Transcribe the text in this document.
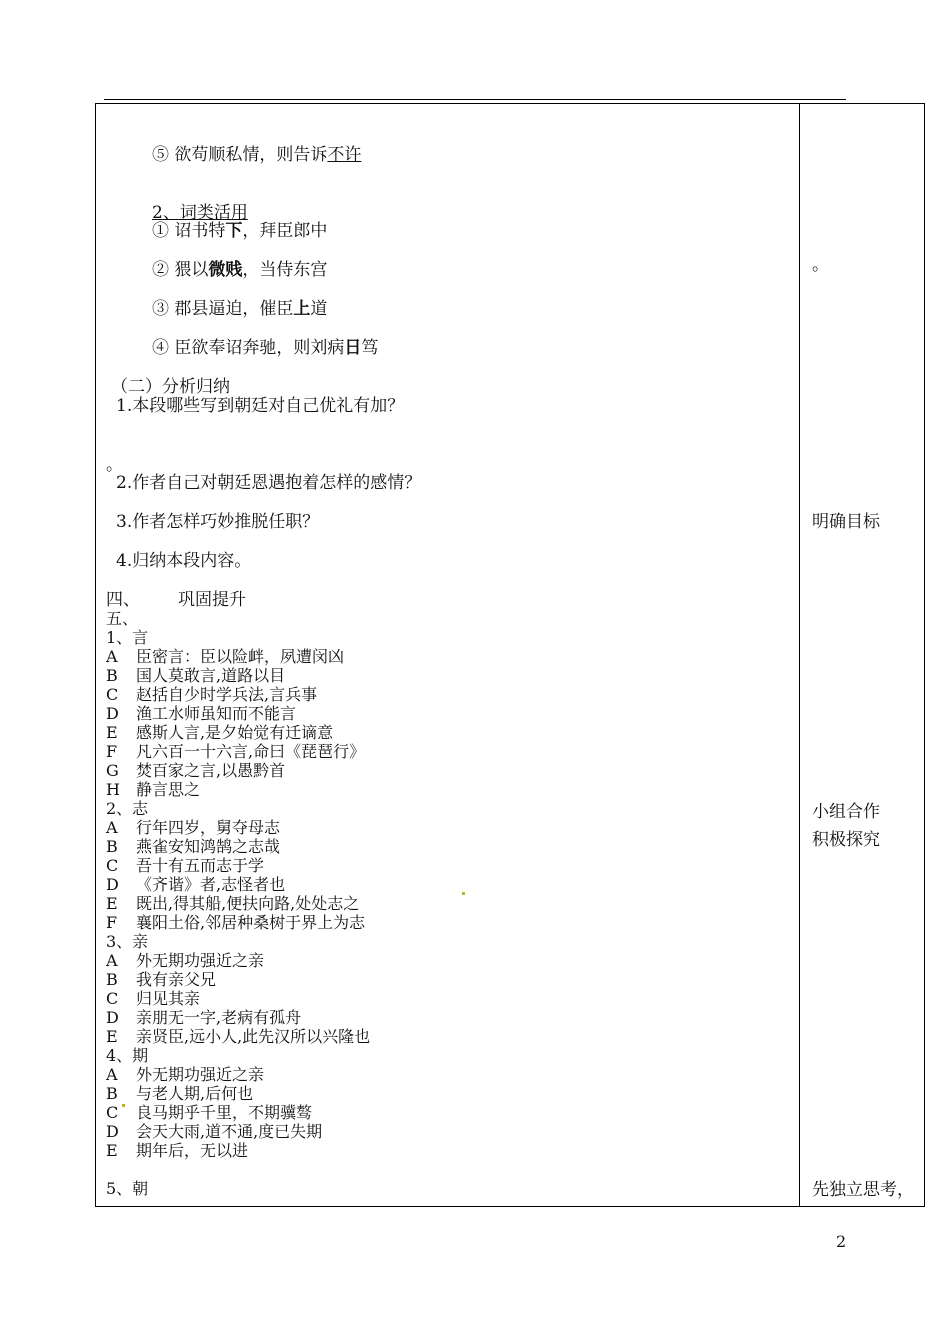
⑤ 欲苟顺私情，则告诉不许
2、词类活用
① 诏书特下，拜臣郎中
② 猥以微贱，当侍东宫
③ 郡县逼迫，催臣上道
④ 臣欲奉诏奔驰，则刘病日笃
（二）分析归纳
1.本段哪些写到朝廷对自己优礼有加？
。
2.作者自己对朝廷恩遇抱着怎样的感情？
3.作者怎样巧妙推脱任职？
4.归纳本段内容。
四、 巩固提升
五、
1、言
A 臣密言：臣以险衅，夙遭闵凶
B 国人莫敢言,道路以目
C 赵括自少时学兵法,言兵事
D 渔工水师虽知而不能言
E 感斯人言,是夕始觉有迁谪意
F 凡六百一十六言,命曰《琵琶行》
G 焚百家之言,以愚黔首
H 静言思之
2、志
A 行年四岁，舅夺母志
B 燕雀安知鸿鹄之志哉
C 吾十有五而志于学
D 《齐谐》者,志怪者也
E 既出,得其船,便扶向路,处处志之
F 襄阳土俗,邻居种桑树于界上为志
3、亲
A 外无期功强近之亲
B 我有亲父兄
C 归见其亲
D 亲朋无一字,老病有孤舟
E 亲贤臣,远小人,此先汉所以兴隆也
4、期
A 外无期功强近之亲
B 与老人期,后何也
C 良马期乎千里，不期骥骜
D 会天大雨,道不通,度已失期
E 期年后，无以进
5、朝
。
明确目标
小组合作
积极探究
先独立思考，
2
